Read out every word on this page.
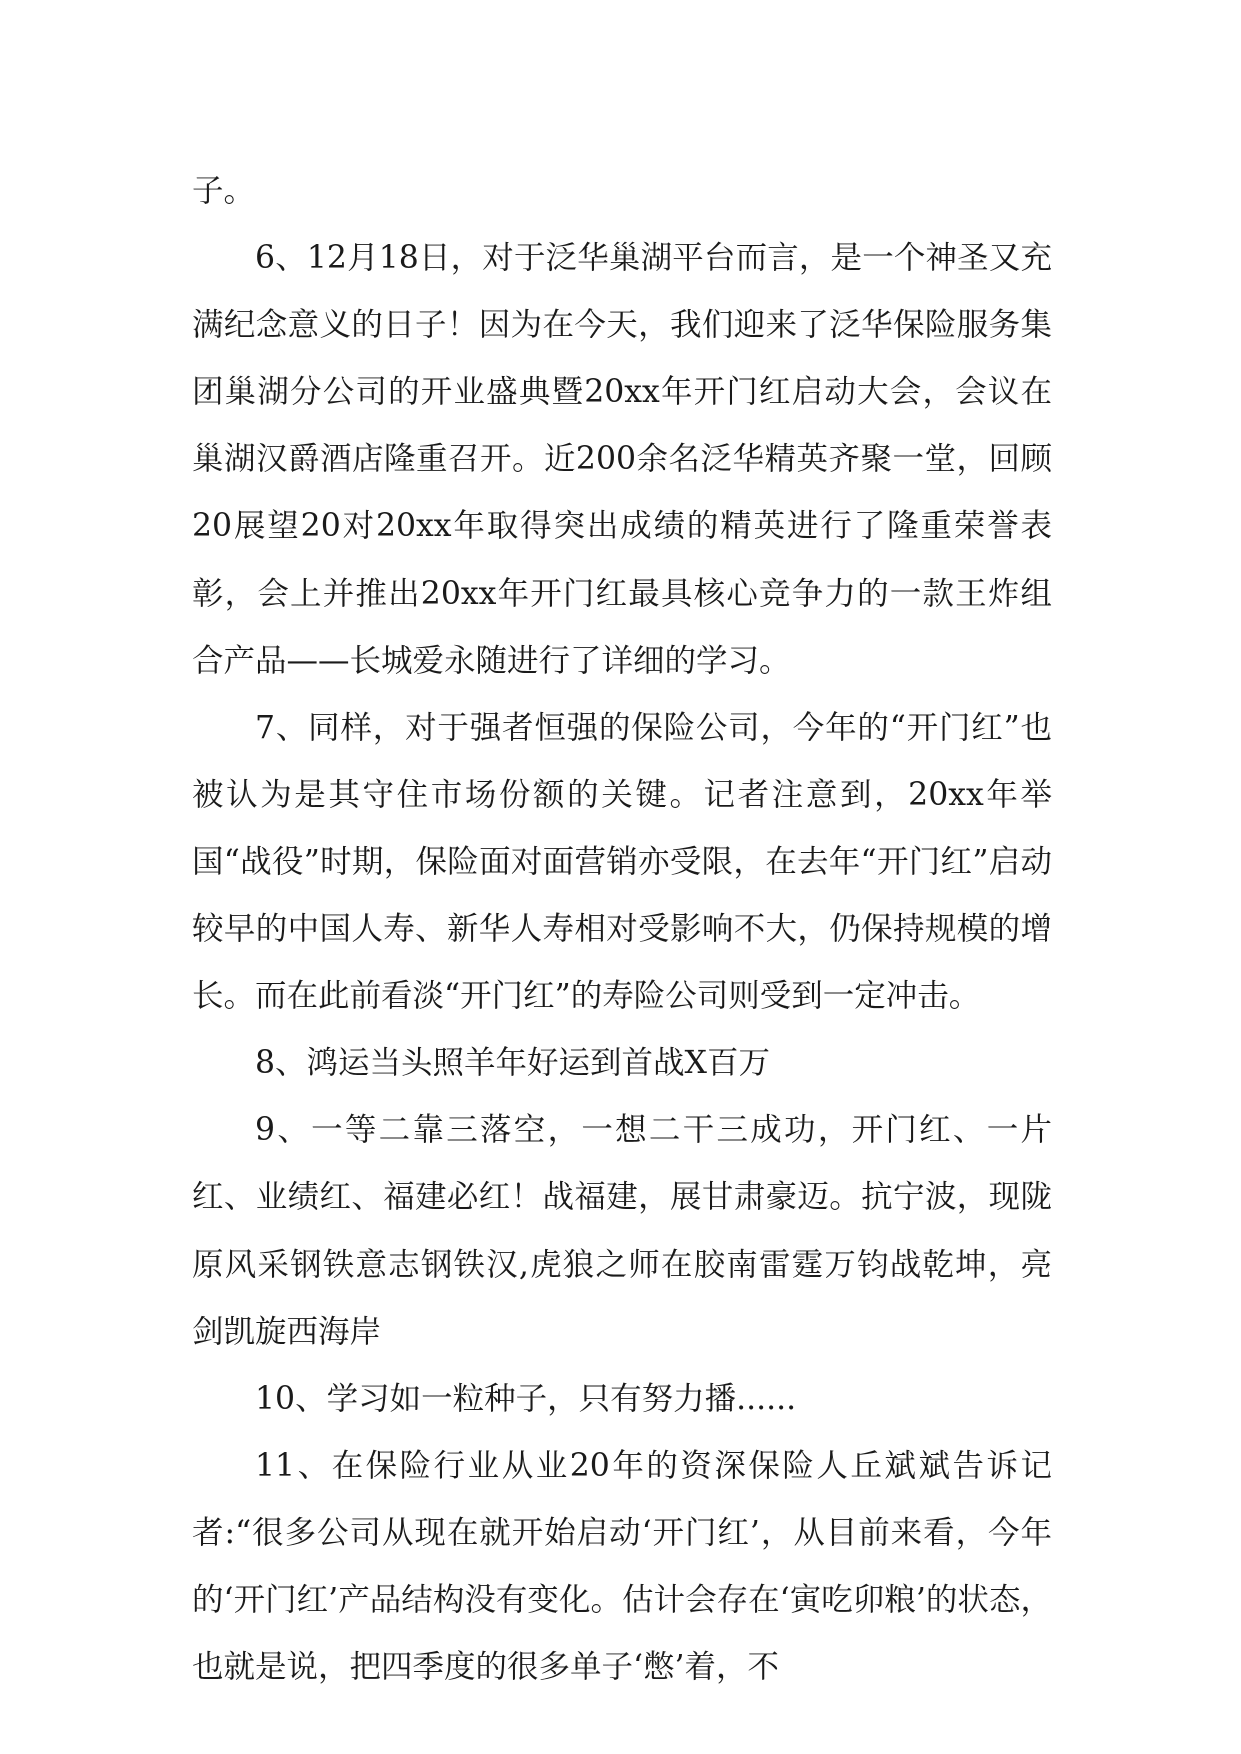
子。

6、12月18日，对于泛华巢湖平台而言，是一个神圣又充满纪念意义的日子！因为在今天，我们迎来了泛华保险服务集团巢湖分公司的开业盛典暨20xx年开门红启动大会，会议在巢湖汉爵酒店隆重召开。近200余名泛华精英齐聚一堂，回顾20展望20对20xx年取得突出成绩的精英进行了隆重荣誉表彰，会上并推出20xx年开门红最具核心竞争力的一款王炸组合产品——长城爱永随进行了详细的学习。

7、同样，对于强者恒强的保险公司，今年的“开门红”也被认为是其守住市场份额的关键。记者注意到，20xx年举国“战役”时期，保险面对面营销亦受限，在去年“开门红”启动较早的中国人寿、新华人寿相对受影响不大，仍保持规模的增长。而在此前看淡“开门红”的寿险公司则受到一定冲击。

8、鸿运当头照羊年好运到首战X百万

9、一等二靠三落空，一想二干三成功，开门红、一片红、业绩红、福建必红！战福建，展甘肃豪迈。抗宁波，现陇原风采钢铁意志钢铁汉,虎狼之师在胶南雷霆万钧战乾坤，亮剑凯旋西海岸

10、学习如一粒种子，只有努力播......

11、在保险行业从业20年的资深保险人丘斌斌告诉记者:“很多公司从现在就开始启动‘开门红’，从目前来看，今年的‘开门红’产品结构没有变化。估计会存在‘寅吃卯粮’的状态，也就是说，把四季度的很多单子‘憋’着，不
